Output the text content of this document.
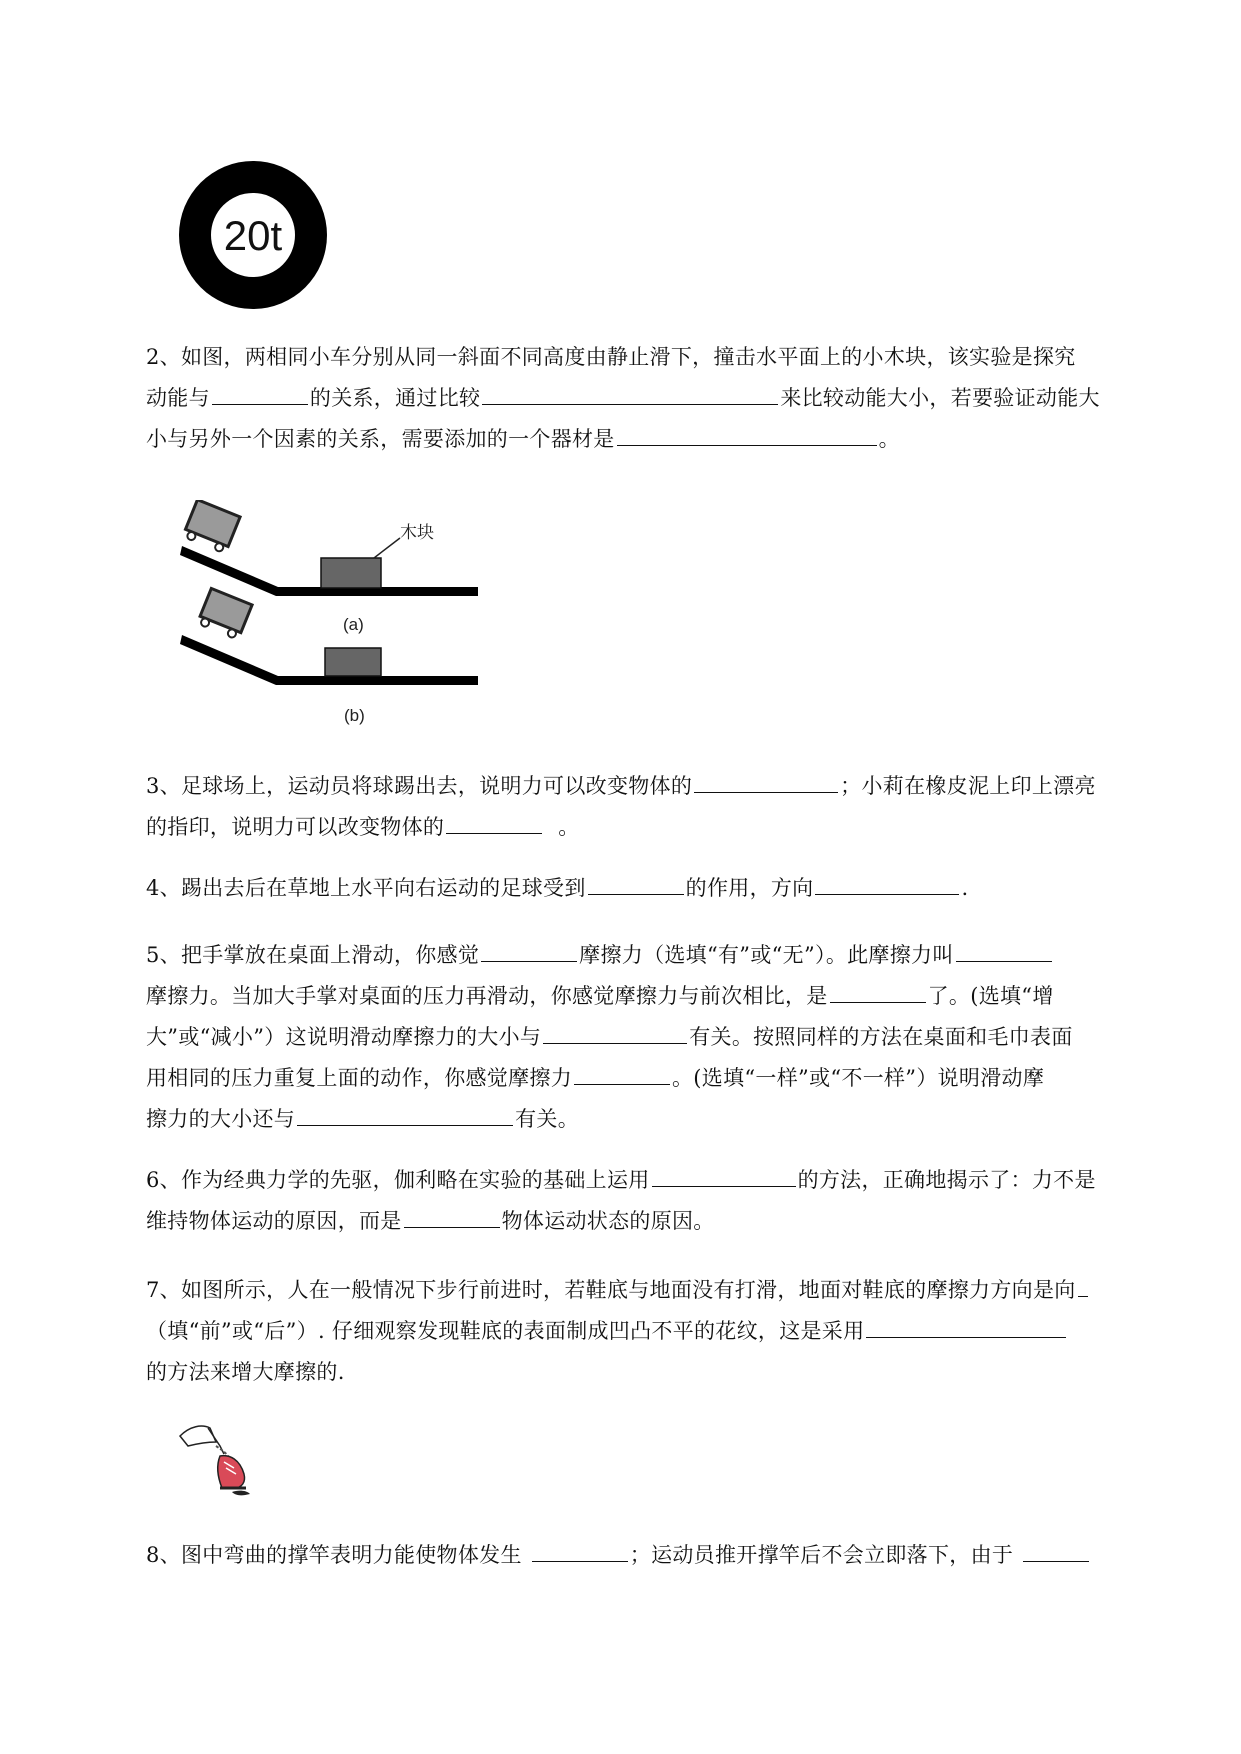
20t
2、如图，两相同小车分别从同一斜面不同高度由静止滑下，撞击水平面上的小木块，该实验是探究
动能与	的关系，通过比较	来比较动能大小，若要验证动能大
小与另外一个因素的关系，需要添加的一个器材是	。
木块
(a)
(b)
3、足球场上，运动员将球踢出去，说明力可以改变物体的	；小莉在橡皮泥上印上漂亮
的指印，说明力可以改变物体的	。
4、踢出去后在草地上水平向右运动的足球受到	的作用，方向	.
5、把手掌放在桌面上滑动，你感觉	摩擦力（选填“有”或“无”）。此摩擦力叫
摩擦力。当加大手掌对桌面的压力再滑动，你感觉摩擦力与前次相比，是	了。(选填“增
大”或“减小”）这说明滑动摩擦力的大小与	有关。按照同样的方法在桌面和毛巾表面
用相同的压力重复上面的动作，你感觉摩擦力	。(选填“一样”或“不一样”）说明滑动摩
擦力的大小还与	有关。
6、作为经典力学的先驱，伽利略在实验的基础上运用	的方法，正确地揭示了：力不是
维持物体运动的原因，而是	物体运动状态的原因。
7、如图所示，人在一般情况下步行前进时，若鞋底与地面没有打滑，地面对鞋底的摩擦力方向是向
（填“前”或“后”）. 仔细观察发现鞋底的表面制成凹凸不平的花纹，这是采用
的方法来增大摩擦的.
8、图中弯曲的撑竿表明力能使物体发生	；运动员推开撑竿后不会立即落下，由于
